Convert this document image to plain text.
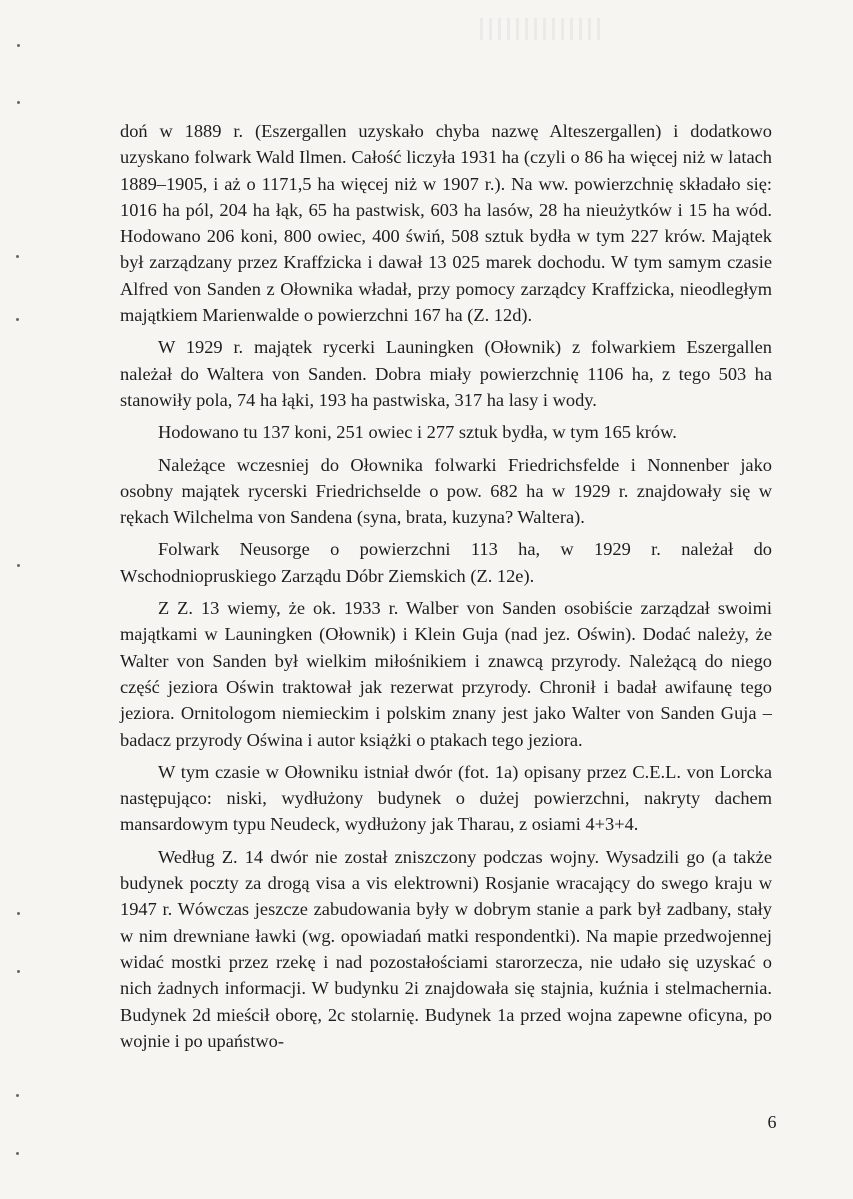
doń w 1889 r. (Eszergallen uzyskało chyba nazwę Alteszergallen) i dodatkowo uzyskano folwark Wald Ilmen. Całość liczyła 1931 ha (czyli o 86 ha więcej niż w latach 1889–1905, i aż o 1171,5 ha więcej niż w 1907 r.). Na ww. powierzchnię składało się: 1016 ha pól, 204 ha łąk, 65 ha pastwisk, 603 ha lasów, 28 ha nieużytków i 15 ha wód. Hodowano 206 koni, 800 owiec, 400 świń, 508 sztuk bydła w tym 227 krów. Majątek był zarządzany przez Kraffzicka i dawał 13 025 marek dochodu. W tym samym czasie Alfred von Sanden z Ołownika władał, przy pomocy zarządcy Kraffzicka, nieodległym majątkiem Marienwalde o powierzchni 167 ha (Z. 12d).

W 1929 r. majątek rycerki Launingken (Ołownik) z folwarkiem Eszergallen należał do Waltera von Sanden. Dobra miały powierzchnię 1106 ha, z tego 503 ha stanowiły pola, 74 ha łąki, 193 ha pastwiska, 317 ha lasy i wody.

Hodowano tu 137 koni, 251 owiec i 277 sztuk bydła, w tym 165 krów.

Należące wczesniej do Ołownika folwarki Friedrichsfelde i Nonnenber jako osobny majątek rycerski Friedrichselde o pow. 682 ha w 1929 r. znajdowały się w rękach Wilchelma von Sandena (syna, brata, kuzyna? Waltera).

Folwark Neusorge o powierzchni 113 ha, w 1929 r. należał do Wschodniopruskiego Zarządu Dóbr Ziemskich (Z. 12e).

Z Z. 13 wiemy, że ok. 1933 r. Walber von Sanden osobiście zarządzał swoimi majątkami w Launingken (Ołownik) i Klein Guja (nad jez. Oświn). Dodać należy, że Walter von Sanden był wielkim miłośnikiem i znawcą przyrody. Należącą do niego część jeziora Oświn traktował jak rezerwat przyrody. Chronił i badał awifaunę tego jeziora. Ornitologom niemieckim i polskim znany jest jako Walter von Sanden Guja – badacz przyrody Oświna i autor książki o ptakach tego jeziora.

W tym czasie w Ołowniku istniał dwór (fot. 1a) opisany przez C.E.L. von Lorcka następująco: niski, wydłużony budynek o dużej powierzchni, nakryty dachem mansardowym typu Neudeck, wydłużony jak Tharau, z osiami 4+3+4.

Według Z. 14 dwór nie został zniszczony podczas wojny. Wysadzili go (a także budynek poczty za drogą visa a vis elektrowni) Rosjanie wracający do swego kraju w 1947 r. Wówczas jeszcze zabudowania były w dobrym stanie a park był zadbany, stały w nim drewniane ławki (wg. opowiadań matki respondentki). Na mapie przedwojennej widać mostki przez rzekę i nad pozostałościami starorzecza, nie udało się uzyskać o nich żadnych informacji. W budynku 2i znajdowała się stajnia, kuźnia i stelmachernia. Budynek 2d mieścił oborę, 2c stolarnię. Budynek 1a przed wojna zapewne oficyna, po wojnie i po upaństwo-

6
